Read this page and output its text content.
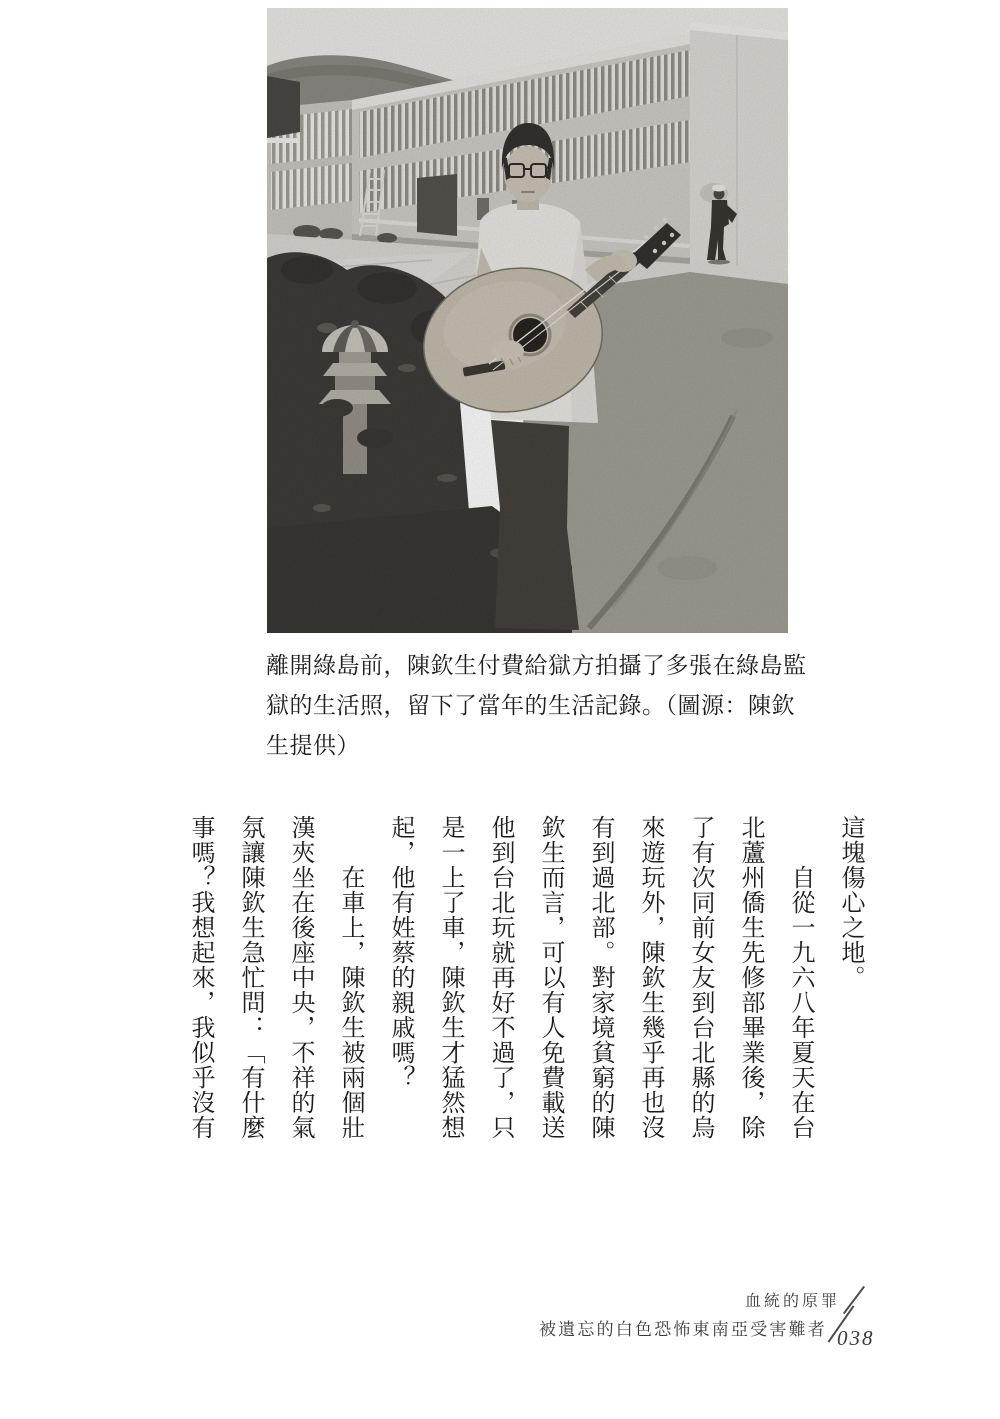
離開綠島前，陳欽生付費給獄方拍攝了多張在綠島監獄的生活照，留下了當年的生活記錄。（圖源：陳欽生提供）

這塊傷心之地。
自從一九六八年夏天在台
北蘆州僑生先修部畢業後，除
了有次同前女友到台北縣的烏
來遊玩外，陳欽生幾乎再也沒
有到過北部。對家境貧窮的陳
欽生而言，可以有人免費載送
他到台北玩就再好不過了，只
是一上了車，陳欽生才猛然想
起，他有姓蔡的親戚嗎？
在車上，陳欽生被兩個壯
漢夾坐在後座中央，不祥的氣
氛讓陳欽生急忙問：「有什麼
事嗎？我想起來，我似乎沒有
血統的原罪
被遺忘的白色恐怖東南亞受害難者 038
